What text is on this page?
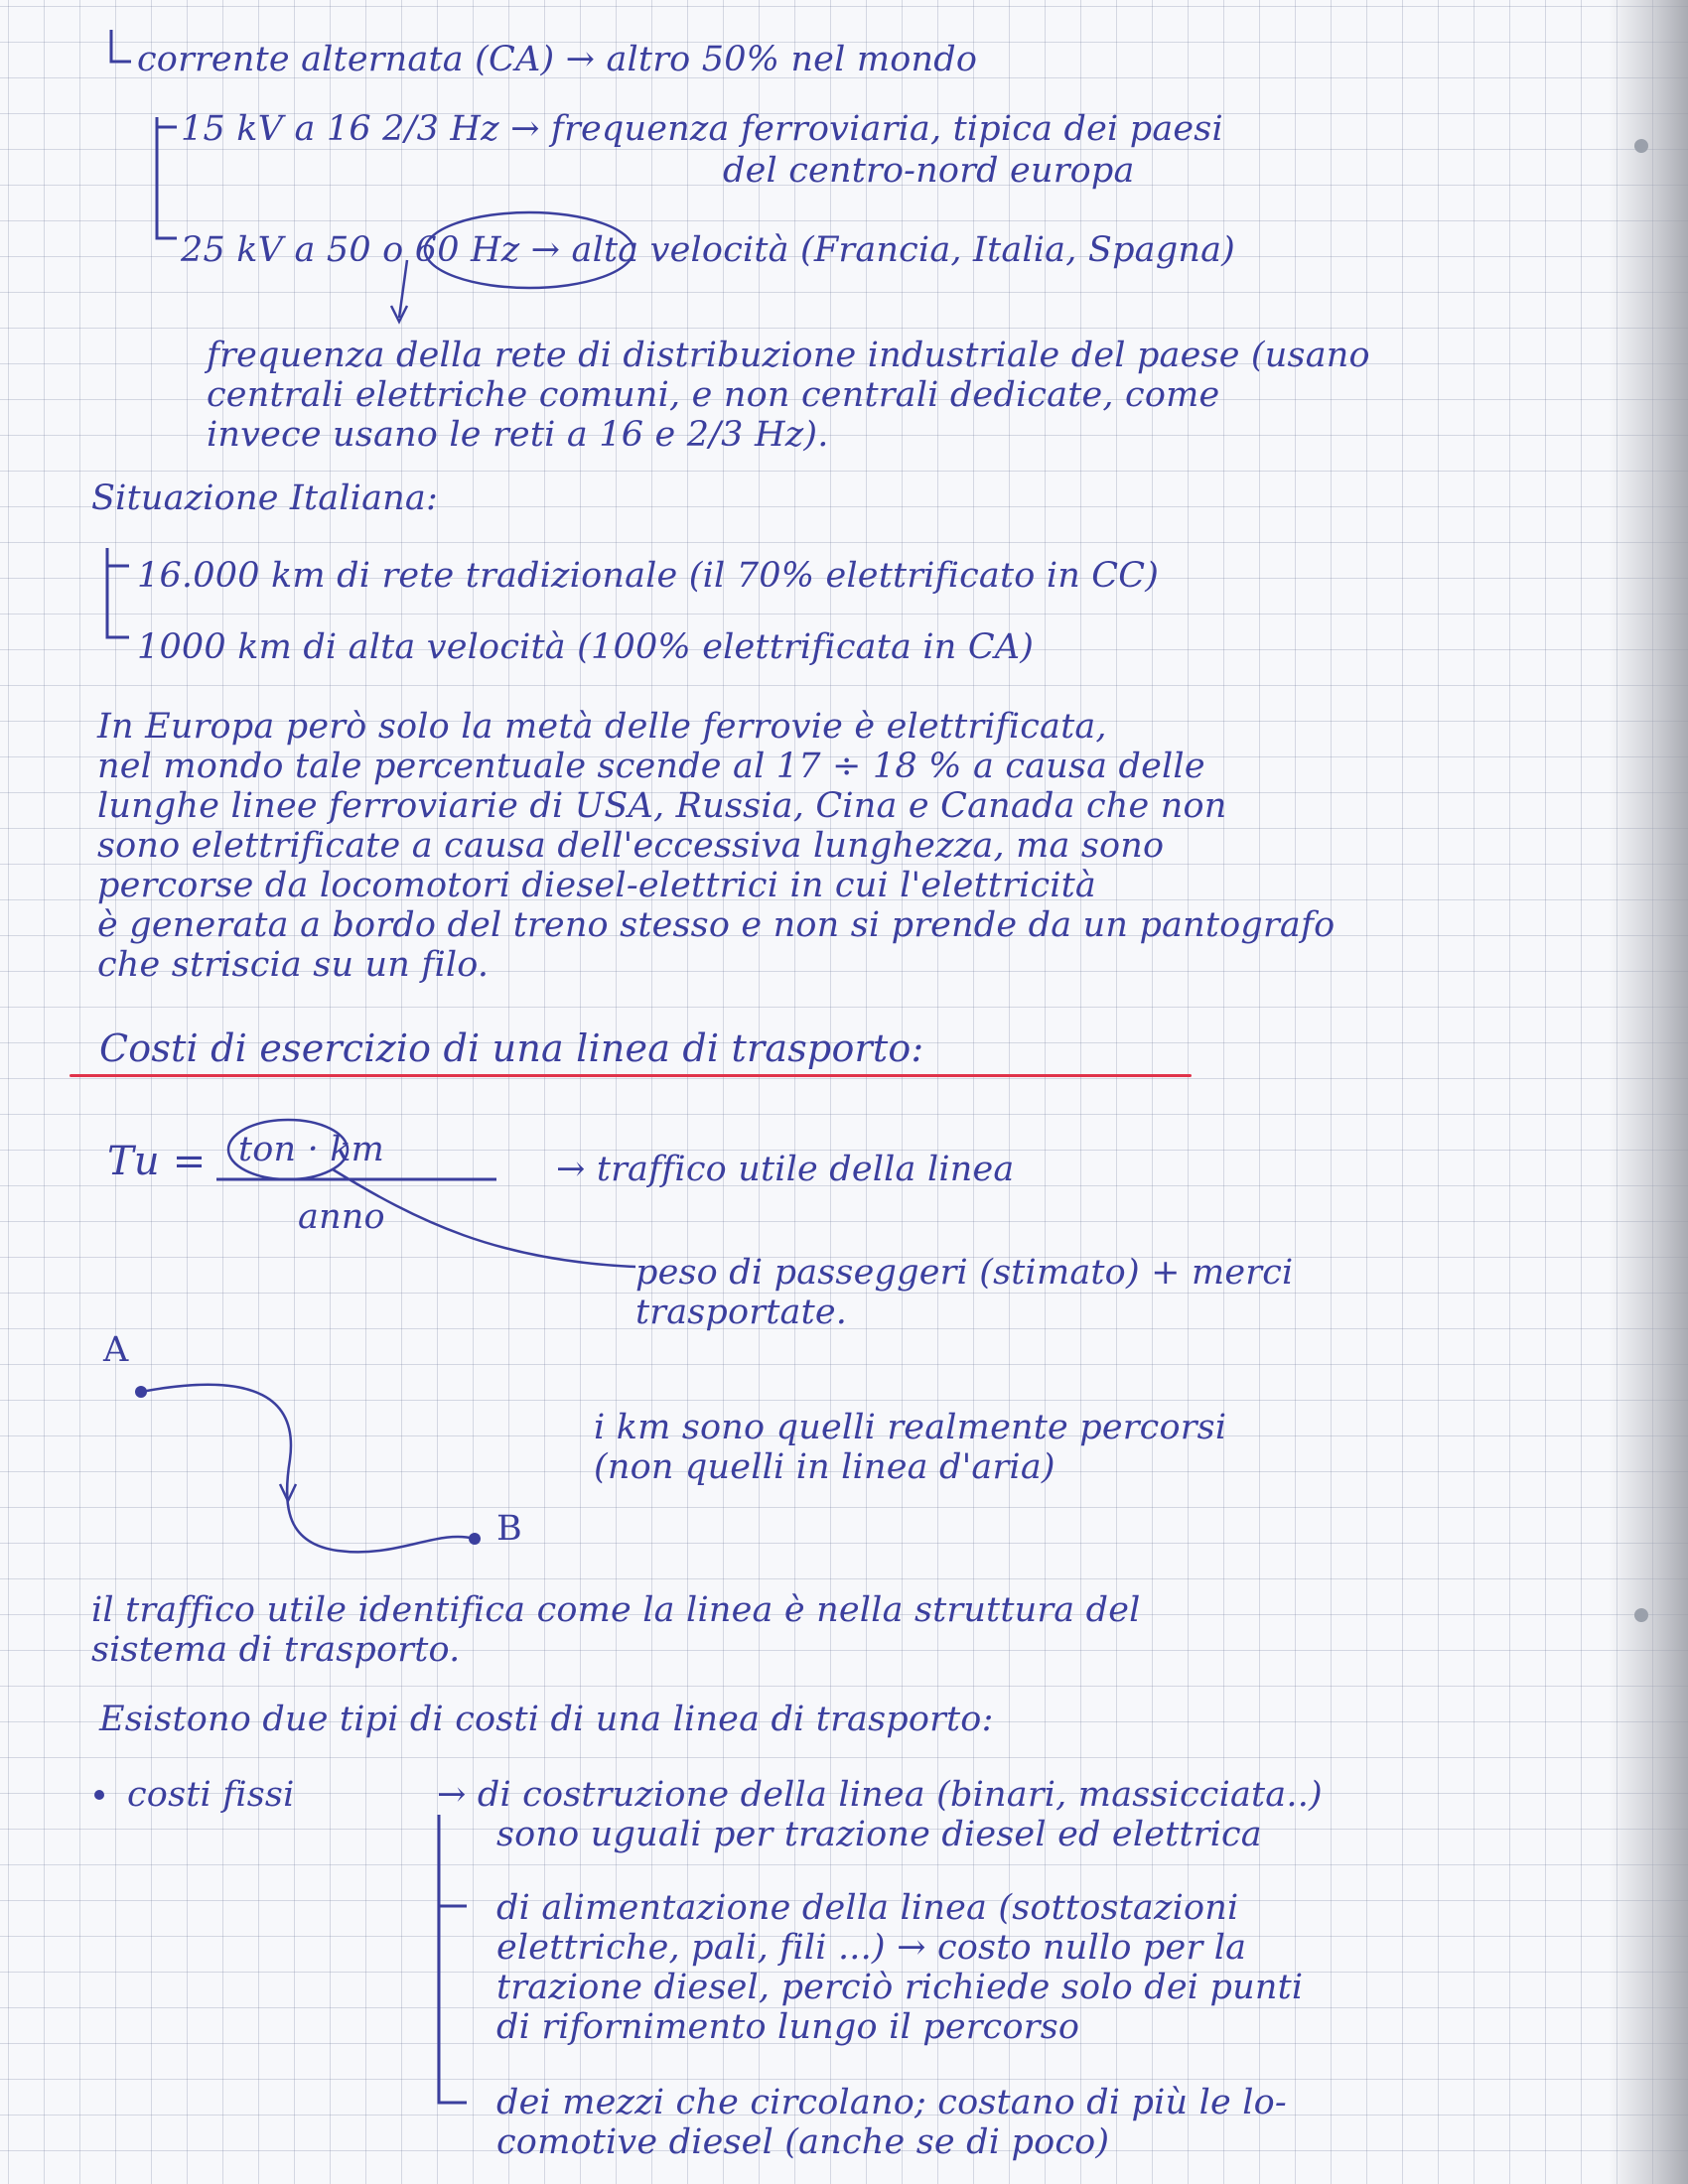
corrente alternata (CA) → altro 50% nel mondo
15 kV a 16 2/3 Hz → frequenza ferroviaria, tipica dei paesi
del centro-nord europa
25 kV a 50 o 60 Hz → alta velocità (Francia, Italia, Spagna)
frequenza della rete di distribuzione industriale del paese (usano
centrali elettriche comuni, e non centrali dedicate, come
invece usano le reti a 16 e 2/3 Hz).
Situazione Italiana:
16.000 km di rete tradizionale (il 70% elettrificato in CC)
1000 km di alta velocità (100% elettrificata in CA)
In Europa però solo la metà delle ferrovie è elettrificata,
nel mondo tale percentuale scende al 17 ÷ 18 % a causa delle
lunghe linee ferroviarie di USA, Russia, Cina e Canada che non
sono elettrificate a causa dell'eccessiva lunghezza, ma sono
percorse da locomotori diesel-elettrici in cui l'elettricità
è generata a bordo del treno stesso e non si prende da un pantografo
che striscia su un filo.
Costi di esercizio di una linea di trasporto:
Tu = ton · km
anno
→ traffico utile della linea
peso di passeggeri (stimato) + merci
trasportate.
A
B
i km sono quelli realmente percorsi
(non quelli in linea d'aria)
il traffico utile identifica come la linea è nella struttura del
sistema di trasporto.
Esistono due tipi di costi di una linea di trasporto:
costi fissi	→ di costruzione della linea (binari, massicciata..)
sono uguali per trazione diesel ed elettrica
di alimentazione della linea (sottostazioni
elettriche, pali, fili ...) → costo nullo per la
trazione diesel, perciò richiede solo dei punti
di rifornimento lungo il percorso
dei mezzi che circolano; costano di più le lo-
comotive diesel (anche se di poco)
